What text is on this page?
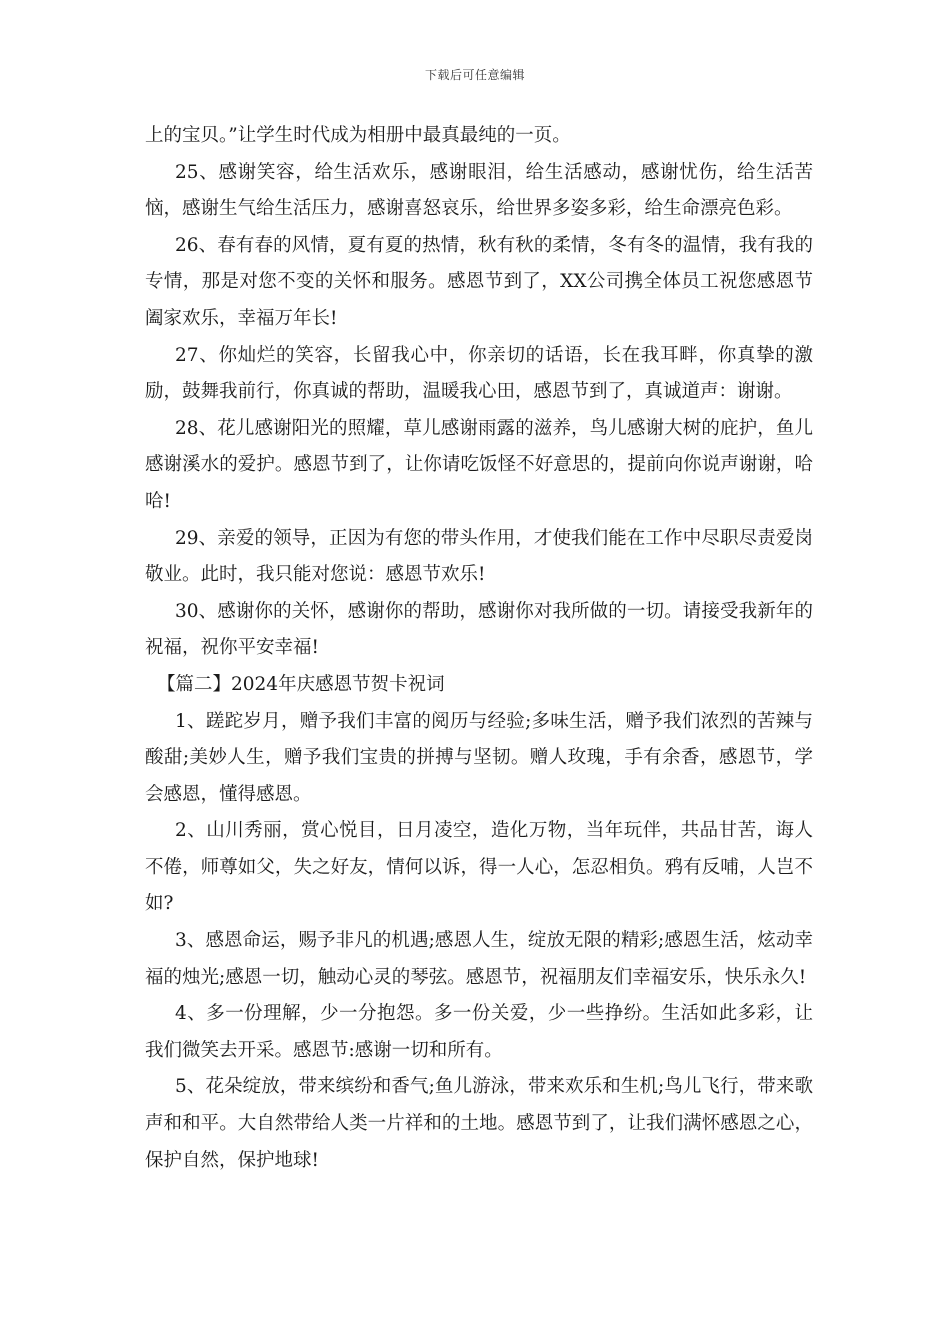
下载后可任意编辑

上的宝贝。”让学生时代成为相册中最真最纯的一页。

25、感谢笑容，给生活欢乐，感谢眼泪，给生活感动，感谢忧伤，给生活苦恼，感谢生气给生活压力，感谢喜怒哀乐，给世界多姿多彩，给生命漂亮色彩。

26、春有春的风情，夏有夏的热情，秋有秋的柔情，冬有冬的温情，我有我的专情，那是对您不变的关怀和服务。感恩节到了，XX公司携全体员工祝您感恩节阖家欢乐，幸福万年长!

27、你灿烂的笑容，长留我心中，你亲切的话语，长在我耳畔，你真挚的激励，鼓舞我前行，你真诚的帮助，温暖我心田，感恩节到了，真诚道声：谢谢。

28、花儿感谢阳光的照耀，草儿感谢雨露的滋养，鸟儿感谢大树的庇护，鱼儿感谢溪水的爱护。感恩节到了，让你请吃饭怪不好意思的，提前向你说声谢谢，哈哈!

29、亲爱的领导，正因为有您的带头作用，才使我们能在工作中尽职尽责爱岗敬业。此时，我只能对您说：感恩节欢乐!

30、感谢你的关怀，感谢你的帮助，感谢你对我所做的一切。请接受我新年的祝福，祝你平安幸福!

【篇二】2024年庆感恩节贺卡祝词

1、蹉跎岁月，赠予我们丰富的阅历与经验;多味生活，赠予我们浓烈的苦辣与酸甜;美妙人生，赠予我们宝贵的拼搏与坚韧。赠人玫瑰，手有余香，感恩节，学会感恩，懂得感恩。

2、山川秀丽，赏心悦目，日月凌空，造化万物，当年玩伴，共品甘苦，诲人不倦，师尊如父，失之好友，情何以诉，得一人心，怎忍相负。鸦有反哺，人岂不如?

3、感恩命运，赐予非凡的机遇;感恩人生，绽放无限的精彩;感恩生活，炫动幸福的烛光;感恩一切，触动心灵的琴弦。感恩节，祝福朋友们幸福安乐，快乐永久!

4、多一份理解，少一分抱怨。多一份关爱，少一些挣纷。生活如此多彩，让我们微笑去开采。感恩节:感谢一切和所有。

5、花朵绽放，带来缤纷和香气;鱼儿游泳，带来欢乐和生机;鸟儿飞行，带来歌声和和平。大自然带给人类一片祥和的土地。感恩节到了，让我们满怀感恩之心，保护自然，保护地球!
